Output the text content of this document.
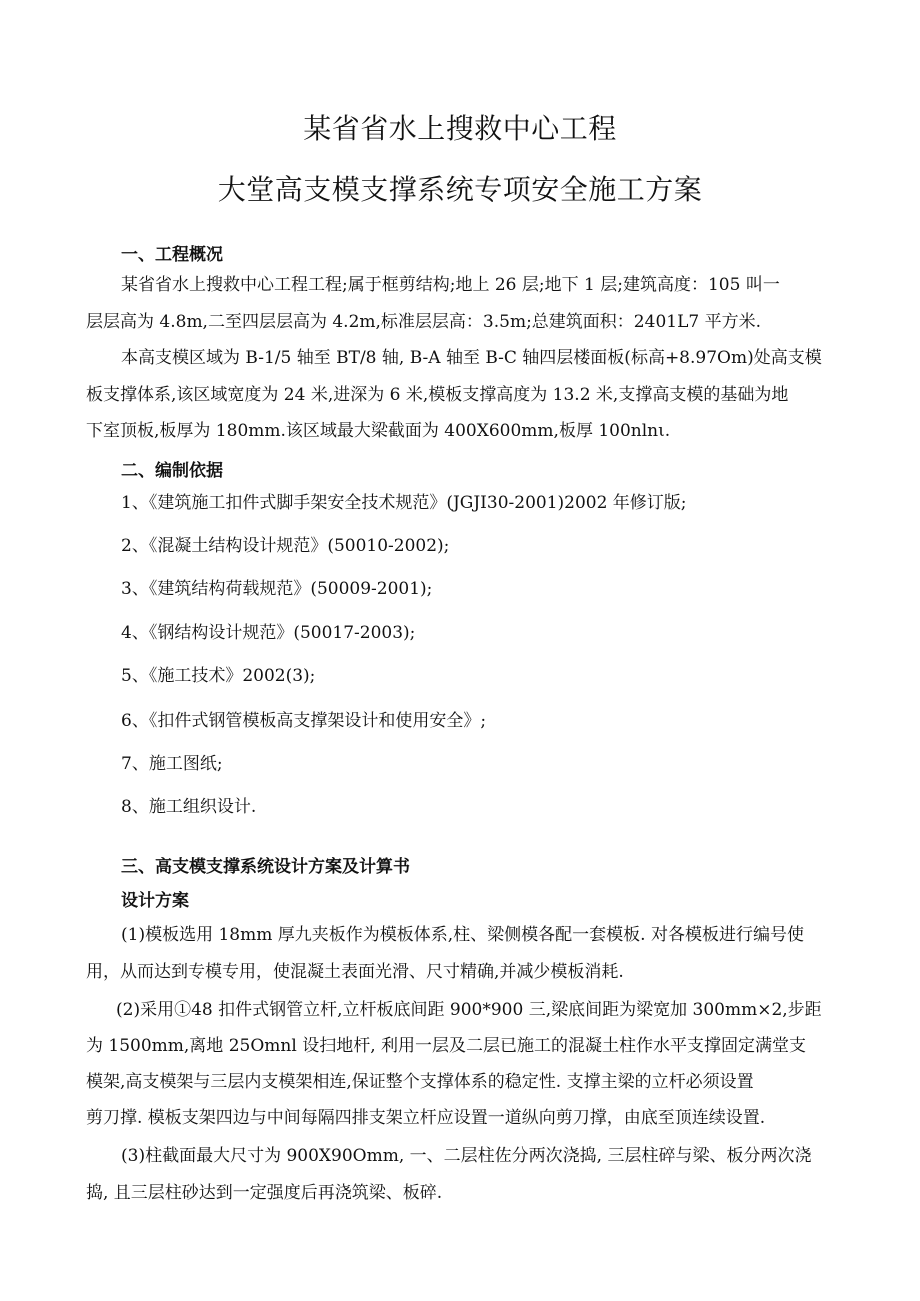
某省省水上搜救中心工程
大堂高支模支撑系统专项安全施工方案
一、工程概况
某省省水上搜救中心工程工程;属于框剪结构;地上 26 层;地下 1 层;建筑高度：105 叫一
层层高为 4.8m,二至四层层高为 4.2m,标准层层高：3.5m;总建筑面积：2401L7 平方米.
本高支模区域为 B-1/5 轴至 BT/8 轴, B-A 轴至 B-C 轴四层楼面板(标高+8.97Om)处高支模
板支撑体系,该区域宽度为 24 米,进深为 6 米,模板支撑高度为 13.2 米,支撑高支模的基础为地
下室顶板,板厚为 180mm.该区域最大梁截面为 400X600mm,板厚 100nlnι.
二、编制依据
1、《建筑施工扣件式脚手架安全技术规范》(JGJI30-2001)2002 年修订版;
2、《混凝土结构设计规范》(50010-2002);
3、《建筑结构荷载规范》(50009-2001);
4、《钢结构设计规范》(50017-2003);
5、《施工技术》2002(3);
6、《扣件式钢管模板高支撑架设计和使用安全》;
7、施工图纸;
8、施工组织设计.
三、高支模支撑系统设计方案及计算书
设计方案
(1)模板选用 18mm 厚九夹板作为模板体系,柱、梁侧模各配一套模板. 对各模板进行编号使
用，从而达到专模专用，使混凝土表面光滑、尺寸精确,并减少模板消耗.
(2)采用①48 扣件式钢管立杆,立杆板底间距 900*900 三,梁底间距为梁宽加 300mm×2,步距
为 1500mm,离地 25Omnl 设扫地杆, 利用一层及二层已施工的混凝土柱作水平支撑固定满堂支
模架,高支模架与三层内支模架相连,保证整个支撑体系的稳定性. 支撑主梁的立杆必须设置
剪刀撑. 模板支架四边与中间每隔四排支架立杆应设置一道纵向剪刀撑，由底至顶连续设置.
(3)柱截面最大尺寸为 900X90Omm, 一、二层柱佐分两次浇捣, 三层柱碎与梁、板分两次浇
捣, 且三层柱砂达到一定强度后再浇筑梁、板碎.
